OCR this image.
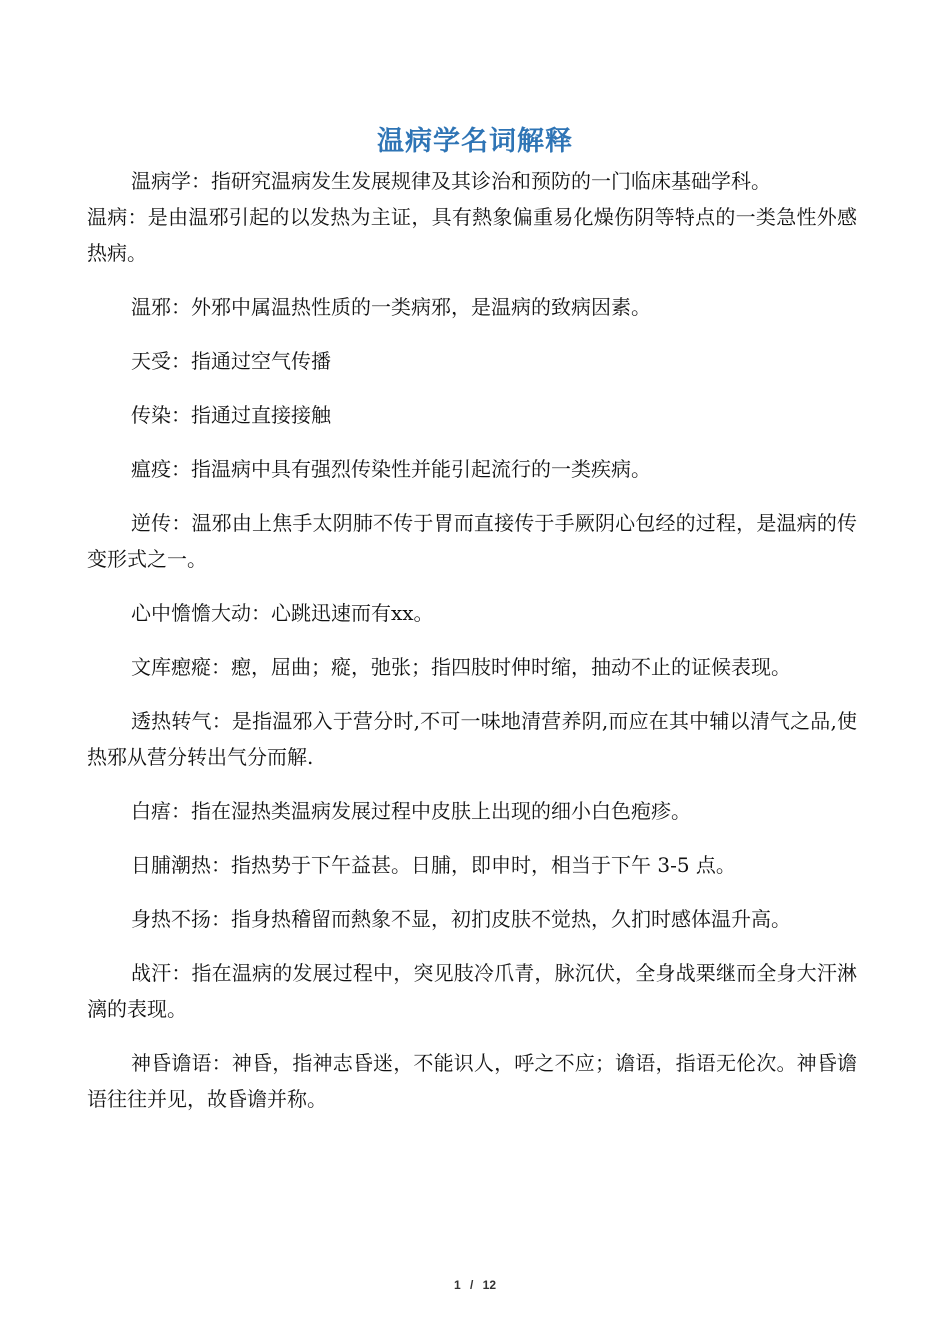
温病学名词解释

温病学：指研究温病发生发展规律及其诊治和预防的一门临床基础学科。

温病：是由温邪引起的以发热为主证，具有熱象偏重易化燥伤阴等特点的一类急性外感热病。

温邪：外邪中属温热性质的一类病邪，是温病的致病因素。

天受：指通过空气传播

传染：指通过直接接触

瘟疫：指温病中具有强烈传染性并能引起流行的一类疾病。

逆传：温邪由上焦手太阴肺不传于胃而直接传于手厥阴心包经的过程，是温病的传变形式之一。

心中憺憺大动：心跳迅速而有xx。

文库瘛瘲：瘛，屈曲；瘲，弛张；指四肢时伸时缩，抽动不止的证候表现。

透热转气：是指温邪入于营分时,不可一味地清营养阴,而应在其中辅以清气之品,使热邪从营分转出气分而解.

白痦：指在湿热类温病发展过程中皮肤上出现的细小白色疱疹。

日脯潮热：指热势于下午益甚。日脯，即申时，相当于下午 3-5 点。

身热不扬：指身热稽留而熱象不显，初扪皮肤不觉热，久扪时感体温升高。

战汗：指在温病的发展过程中，突见肢冷爪青，脉沉伏，全身战栗继而全身大汗淋漓的表现。

神昏谵语：神昏，指神志昏迷，不能识人，呼之不应；谵语，指语无伦次。神昏谵语往往并见，故昏谵并称。

1 / 12
